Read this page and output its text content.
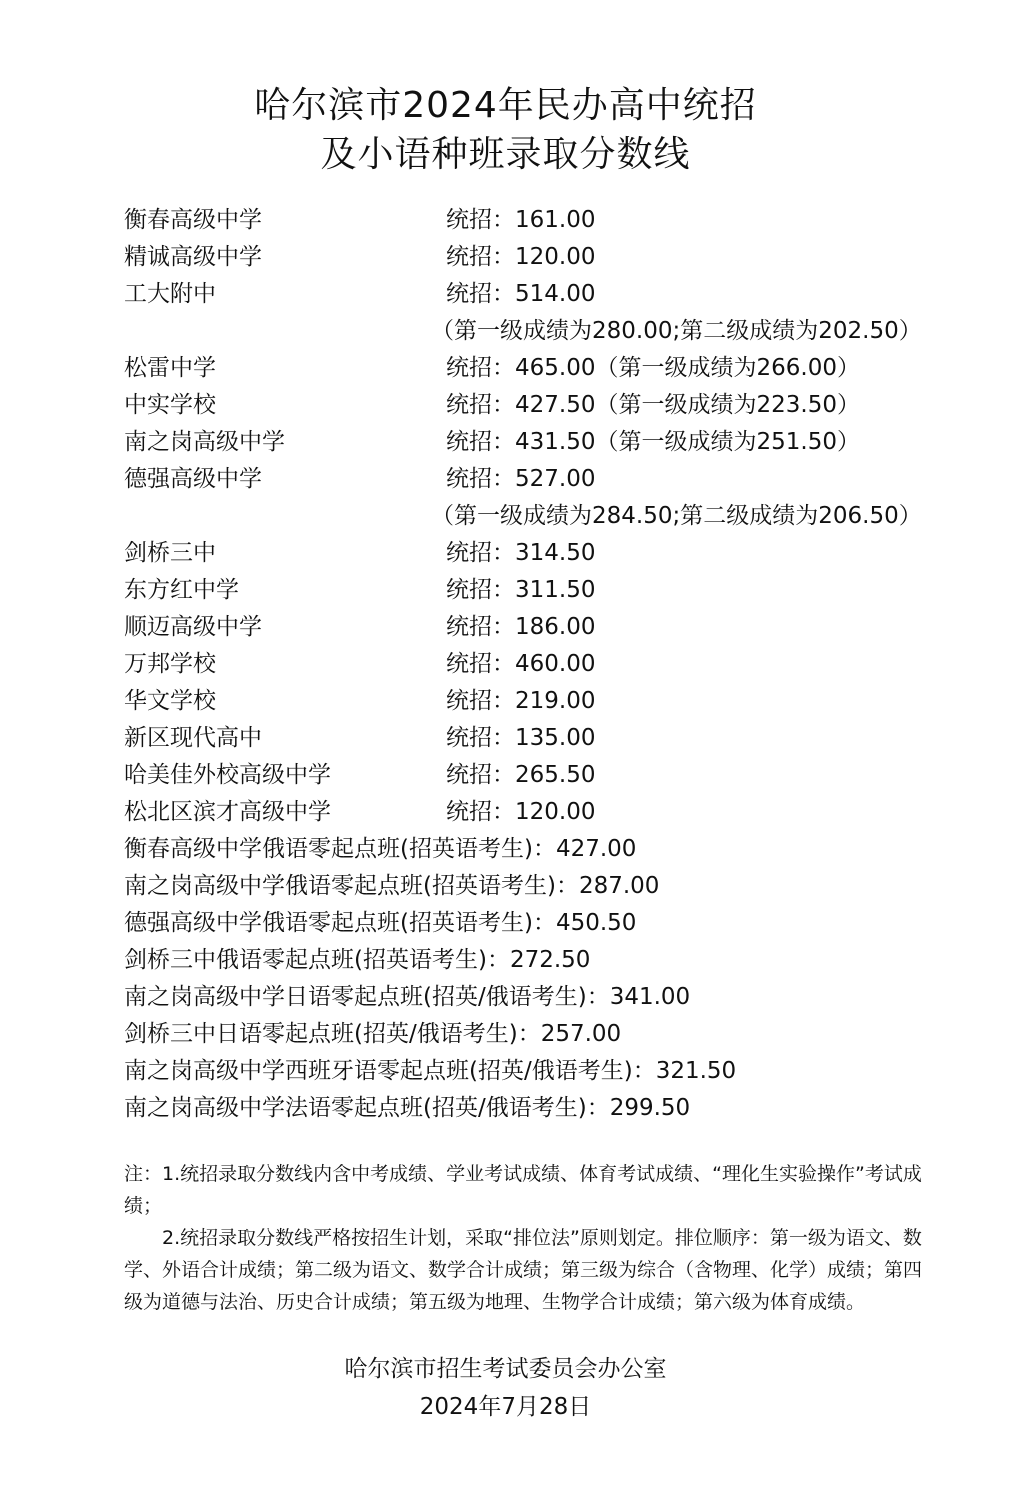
哈尔滨市2024年民办高中统招
及小语种班录取分数线
衡春高级中学	统招：161.00
精诚高级中学	统招：120.00
工大附中	统招：514.00
（第一级成绩为280.00;第二级成绩为202.50）
松雷中学	统招：465.00（第一级成绩为266.00）
中实学校	统招：427.50（第一级成绩为223.50）
南之岗高级中学	统招：431.50（第一级成绩为251.50）
德强高级中学	统招：527.00
（第一级成绩为284.50;第二级成绩为206.50）
剑桥三中	统招：314.50
东方红中学	统招：311.50
顺迈高级中学	统招：186.00
万邦学校	统招：460.00
华文学校	统招：219.00
新区现代高中	统招：135.00
哈美佳外校高级中学	统招：265.50
松北区滨才高级中学	统招：120.00
衡春高级中学俄语零起点班(招英语考生)：427.00
南之岗高级中学俄语零起点班(招英语考生)：287.00
德强高级中学俄语零起点班(招英语考生)：450.50
剑桥三中俄语零起点班(招英语考生)：272.50
南之岗高级中学日语零起点班(招英/俄语考生)：341.00
剑桥三中日语零起点班(招英/俄语考生)：257.00
南之岗高级中学西班牙语零起点班(招英/俄语考生)：321.50
南之岗高级中学法语零起点班(招英/俄语考生)：299.50

注：1.统招录取分数线内含中考成绩、学业考试成绩、体育考试成绩、“理化生实验操作”考试成绩；

2.统招录取分数线严格按招生计划，采取“排位法”原则划定。排位顺序：第一级为语文、数学、外语合计成绩；第二级为语文、数学合计成绩；第三级为综合（含物理、化学）成绩；第四级为道德与法治、历史合计成绩；第五级为地理、生物学合计成绩；第六级为体育成绩。

哈尔滨市招生考试委员会办公室
2024年7月28日
